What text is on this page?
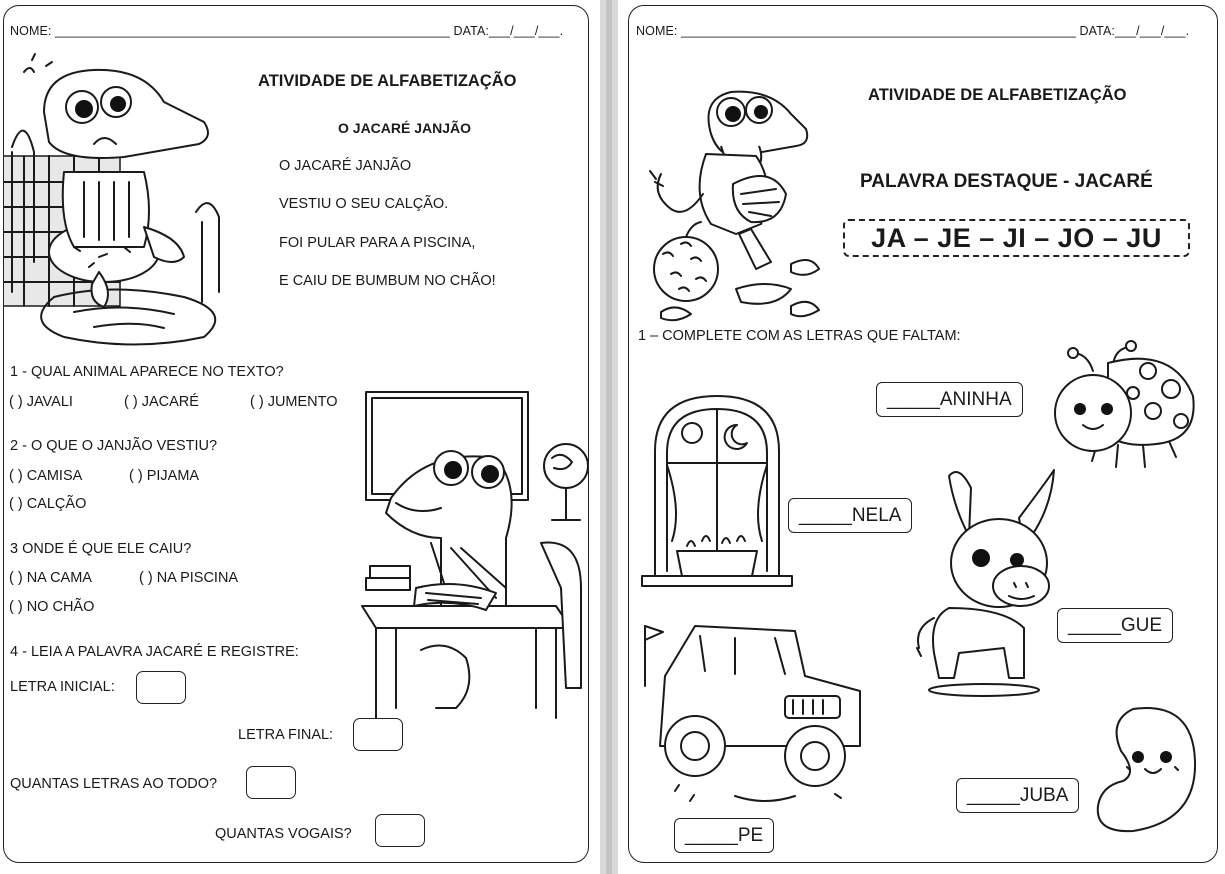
NOME: ________________________________________________________ DATA:___/___/___.
ATIVIDADE DE ALFABETIZAÇÃO
O JACARÉ JANJÃO
O JACARÉ JANJÃO
VESTIU O SEU CALÇÃO.
FOI PULAR PARA A PISCINA,
E CAIU DE BUMBUM NO CHÃO!
1 - QUAL ANIMAL APARECE NO TEXTO?
( ) JAVALI	( ) JACARÉ	( ) JUMENTO
2 - O QUE O JANJÃO VESTIU?
( ) CAMISA	( ) PIJAMA
( ) CALÇÃO
3 ONDE É QUE ELE CAIU?
( ) NA CAMA	( ) NA PISCINA
( ) NO CHÃO
4 - LEIA A PALAVRA JACARÉ E REGISTRE:
LETRA INICIAL:
LETRA FINAL:
QUANTAS LETRAS AO TODO?
QUANTAS VOGAIS?
NOME: ________________________________________________________ DATA:___/___/___.
ATIVIDADE DE ALFABETIZAÇÃO
PALAVRA DESTAQUE - JACARÉ
JA – JE – JI – JO – JU
1 – COMPLETE COM AS LETRAS QUE FALTAM:
_____ANINHA
_____NELA
_____GUE
_____PE
_____JUBA
